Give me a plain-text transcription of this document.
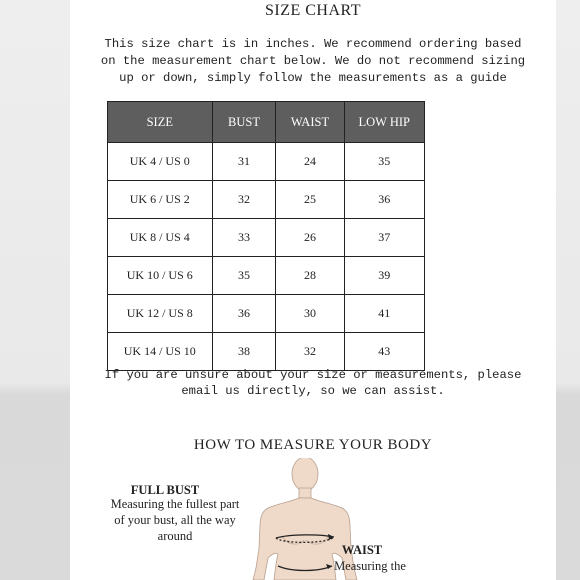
SIZE CHART
This size chart is in inches. We recommend ordering based on the measurement chart below. We do not recommend sizing up or down, simply follow the measurements as a guide
SIZE	BUST	WAIST	LOW HIP
UK 4 / US 0	31	24	35
UK 6 / US 2	32	25	36
UK 8 / US 4	33	26	37
UK 10 / US 6	35	28	39
UK 12 / US 8	36	30	41
UK 14 / US 10	38	32	43
If you are unsure about your size or measurements, please email us directly, so we can assist.
HOW TO MEASURE YOUR BODY
FULL BUST
Measuring the fullest part of your bust, all the way around
WAIST
Measuring the
